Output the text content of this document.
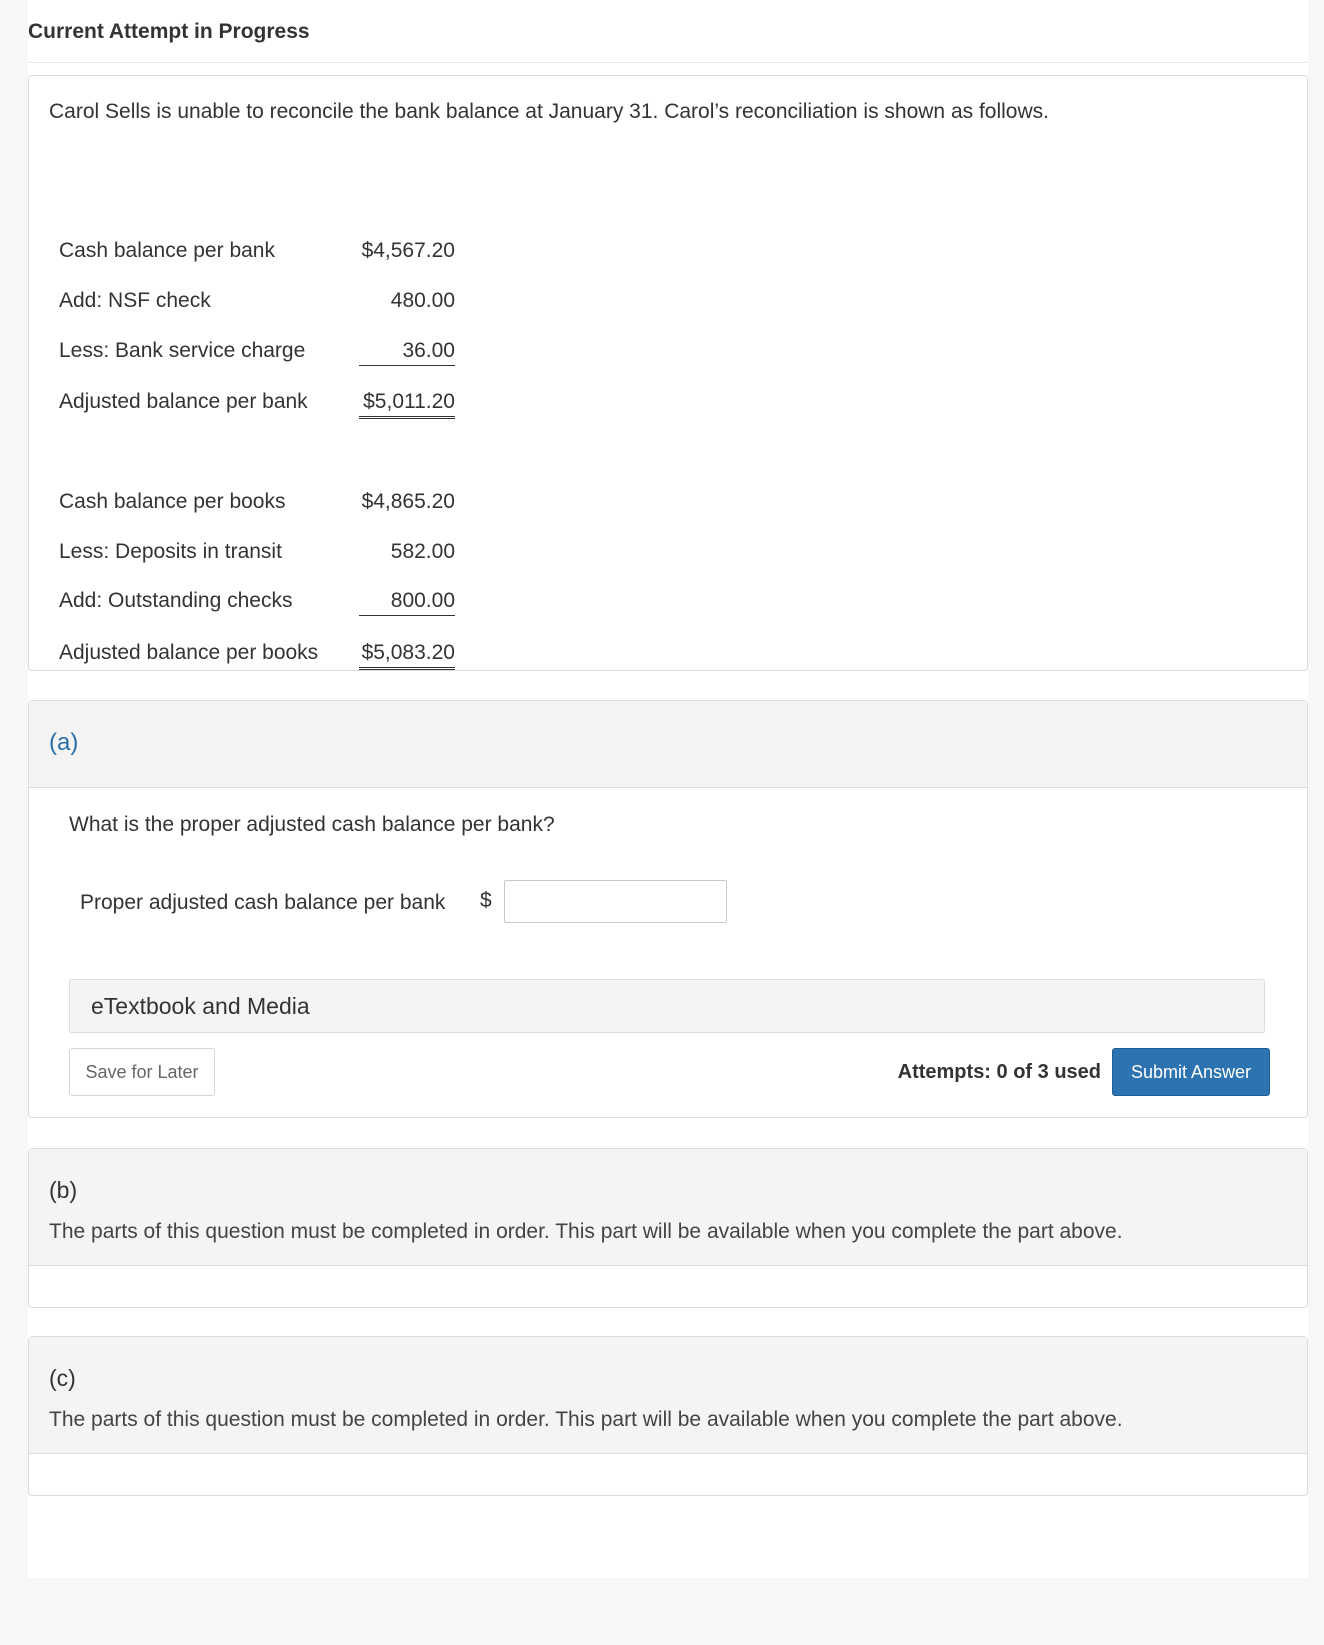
Current Attempt in Progress

Carol Sells is unable to reconcile the bank balance at January 31. Carol’s reconciliation is shown as follows.

Cash balance per bank	$4,567.20
Add: NSF check	480.00
Less: Bank service charge	36.00
Adjusted balance per bank	$5,011.20
Cash balance per books	$4,865.20
Less: Deposits in transit	582.00
Add: Outstanding checks	800.00
Adjusted balance per books $5,083.20
(a)

What is the proper adjusted cash balance per bank?

Proper adjusted cash balance per bank $
eTextbook and Media
Save for Later	Attempts: 0 of 3 used	Submit Answer
(b)
The parts of this question must be completed in order. This part will be available when you complete the part above.
(c)
The parts of this question must be completed in order. This part will be available when you complete the part above.
